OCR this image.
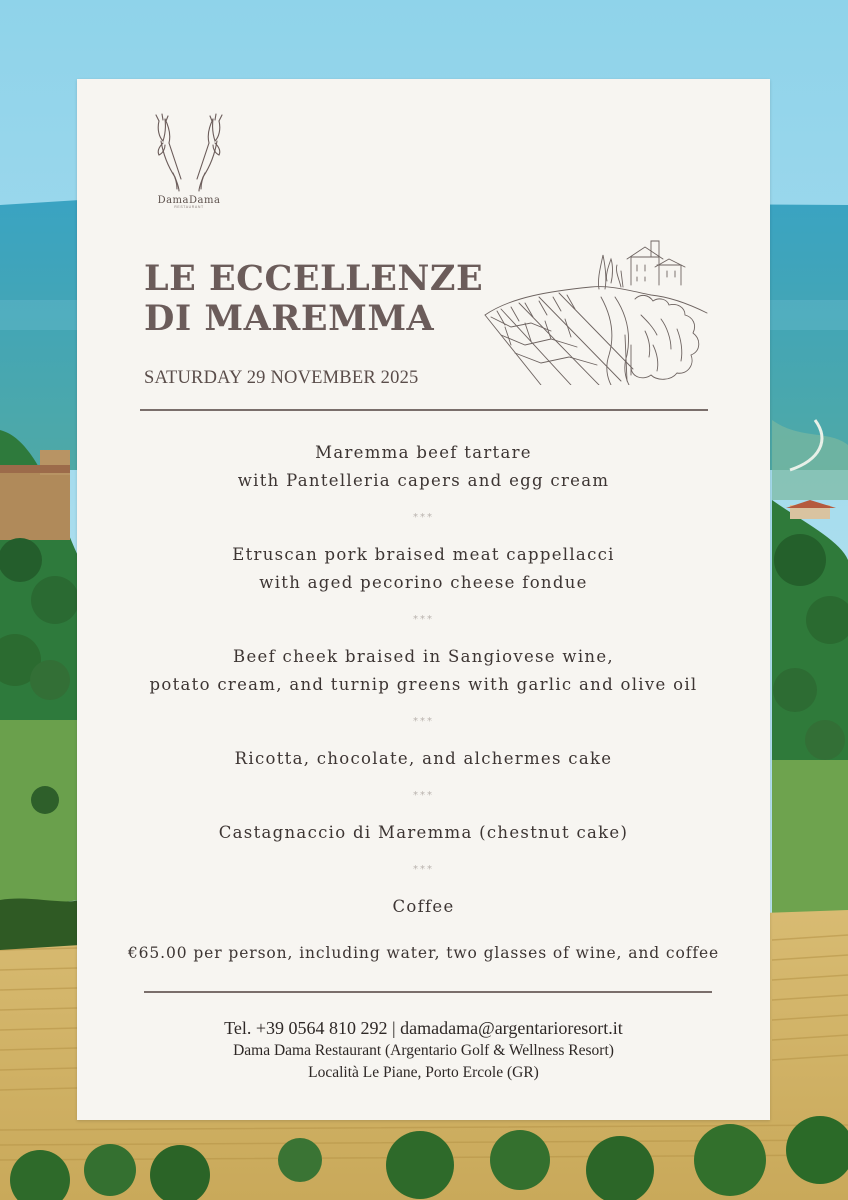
DamaDama
RESTAURANT
LE ECCELLENZE
DI MAREMMA
SATURDAY 29 NOVEMBER 2025
Maremma beef tartare
with Pantelleria capers and egg cream
***
Etruscan pork braised meat cappellacci
with aged pecorino cheese fondue
***
Beef cheek braised in Sangiovese wine,
potato cream, and turnip greens with garlic and olive oil
***
Ricotta, chocolate, and alchermes cake
***
Castagnaccio di Maremma (chestnut cake)
***
Coffee
€65.00 per person, including water, two glasses of wine, and coffee
Tel. +39 0564 810 292 | damadama@argentarioresort.it
Dama Dama Restaurant (Argentario Golf & Wellness Resort)
Località Le Piane, Porto Ercole (GR)
